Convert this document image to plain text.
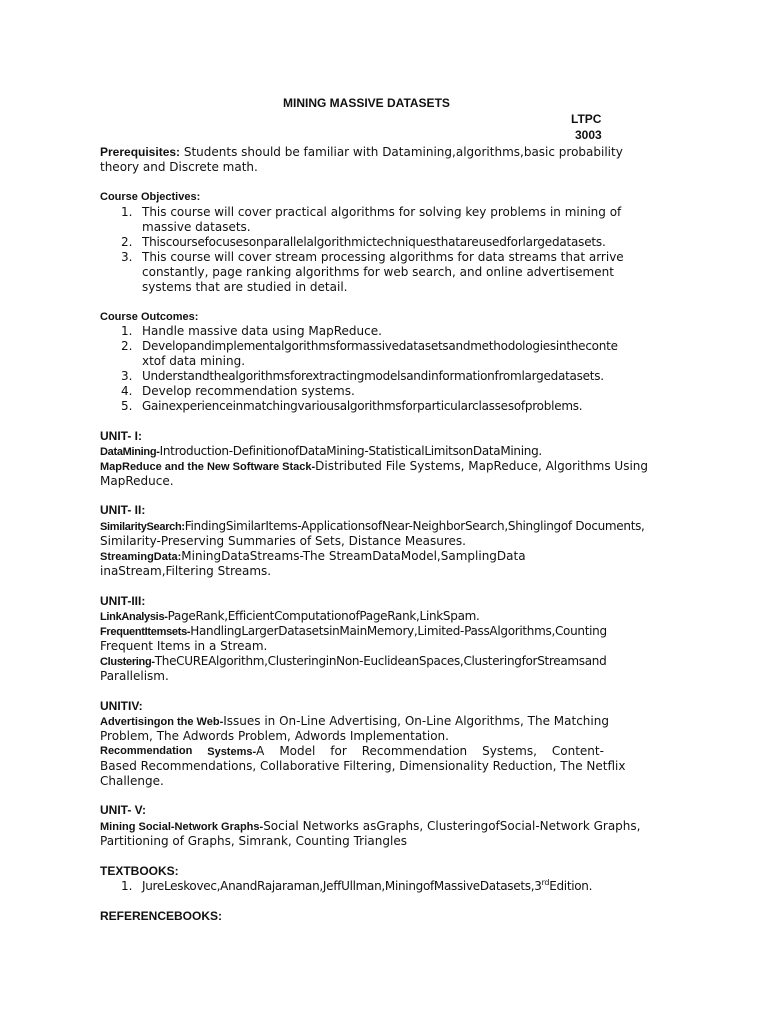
MINING MASSIVE DATASETS
LTPC
3003
Prerequisites: Students should be familiar with Datamining,algorithms,basic probability
theory and Discrete math.
Course Objectives:
1. This course will cover practical algorithms for solving key problems in mining of
massive datasets.
2. Thiscoursefocusesonparallelalgorithmictechniquesthatareusedforlargedatasets.
3. This course will cover stream processing algorithms for data streams that arrive
constantly, page ranking algorithms for web search, and online advertisement
systems that are studied in detail.
Course Outcomes:
1. Handle massive data using MapReduce.
2. Developandimplementalgorithmsformassivedatasetsandmethodologiesintheconte
xtof data mining.
3. Understandthealgorithmsforextractingmodelsandinformationfromlargedatasets.
4. Develop recommendation systems.
5. Gainexperienceinmatchingvariousalgorithmsforparticularclassesofproblems.
UNIT- I:
DataMining-Introduction-DefinitionofDataMining-StatisticalLimitsonDataMining.
MapReduce and the New Software Stack-Distributed File Systems, MapReduce, Algorithms Using
MapReduce.
UNIT- II:
SimilaritySearch:FindingSimilarItems-ApplicationsofNear-NeighborSearch,Shinglingof Documents,
Similarity-Preserving Summaries of Sets, Distance Measures.
StreamingData:MiningDataStreams-The StreamDataModel,SamplingData
inaStream,Filtering Streams.
UNIT-III:
LinkAnalysis-PageRank,EfficientComputationofPageRank,LinkSpam.
FrequentItemsets-HandlingLargerDatasetsinMainMemory,Limited-PassAlgorithms,Counting
Frequent Items in a Stream.
Clustering-TheCUREAlgorithm,ClusteringinNon-EuclideanSpaces,ClusteringforStreamsand
Parallelism.
UNITIV:
Advertisingon the Web-Issues in On-Line Advertising, On-Line Algorithms, The Matching
Problem, The Adwords Problem, Adwords Implementation.
Recommendation Systems-A Model for Recommendation Systems, Content-
Based Recommendations, Collaborative Filtering, Dimensionality Reduction, The Netflix
Challenge.
UNIT- V:
Mining Social-Network Graphs-Social Networks asGraphs, ClusteringofSocial-Network Graphs,
Partitioning of Graphs, Simrank, Counting Triangles
TEXTBOOKS:
1. JureLeskovec,AnandRajaraman,JeffUllman,MiningofMassiveDatasets,3rdEdition.
REFERENCEBOOKS:
